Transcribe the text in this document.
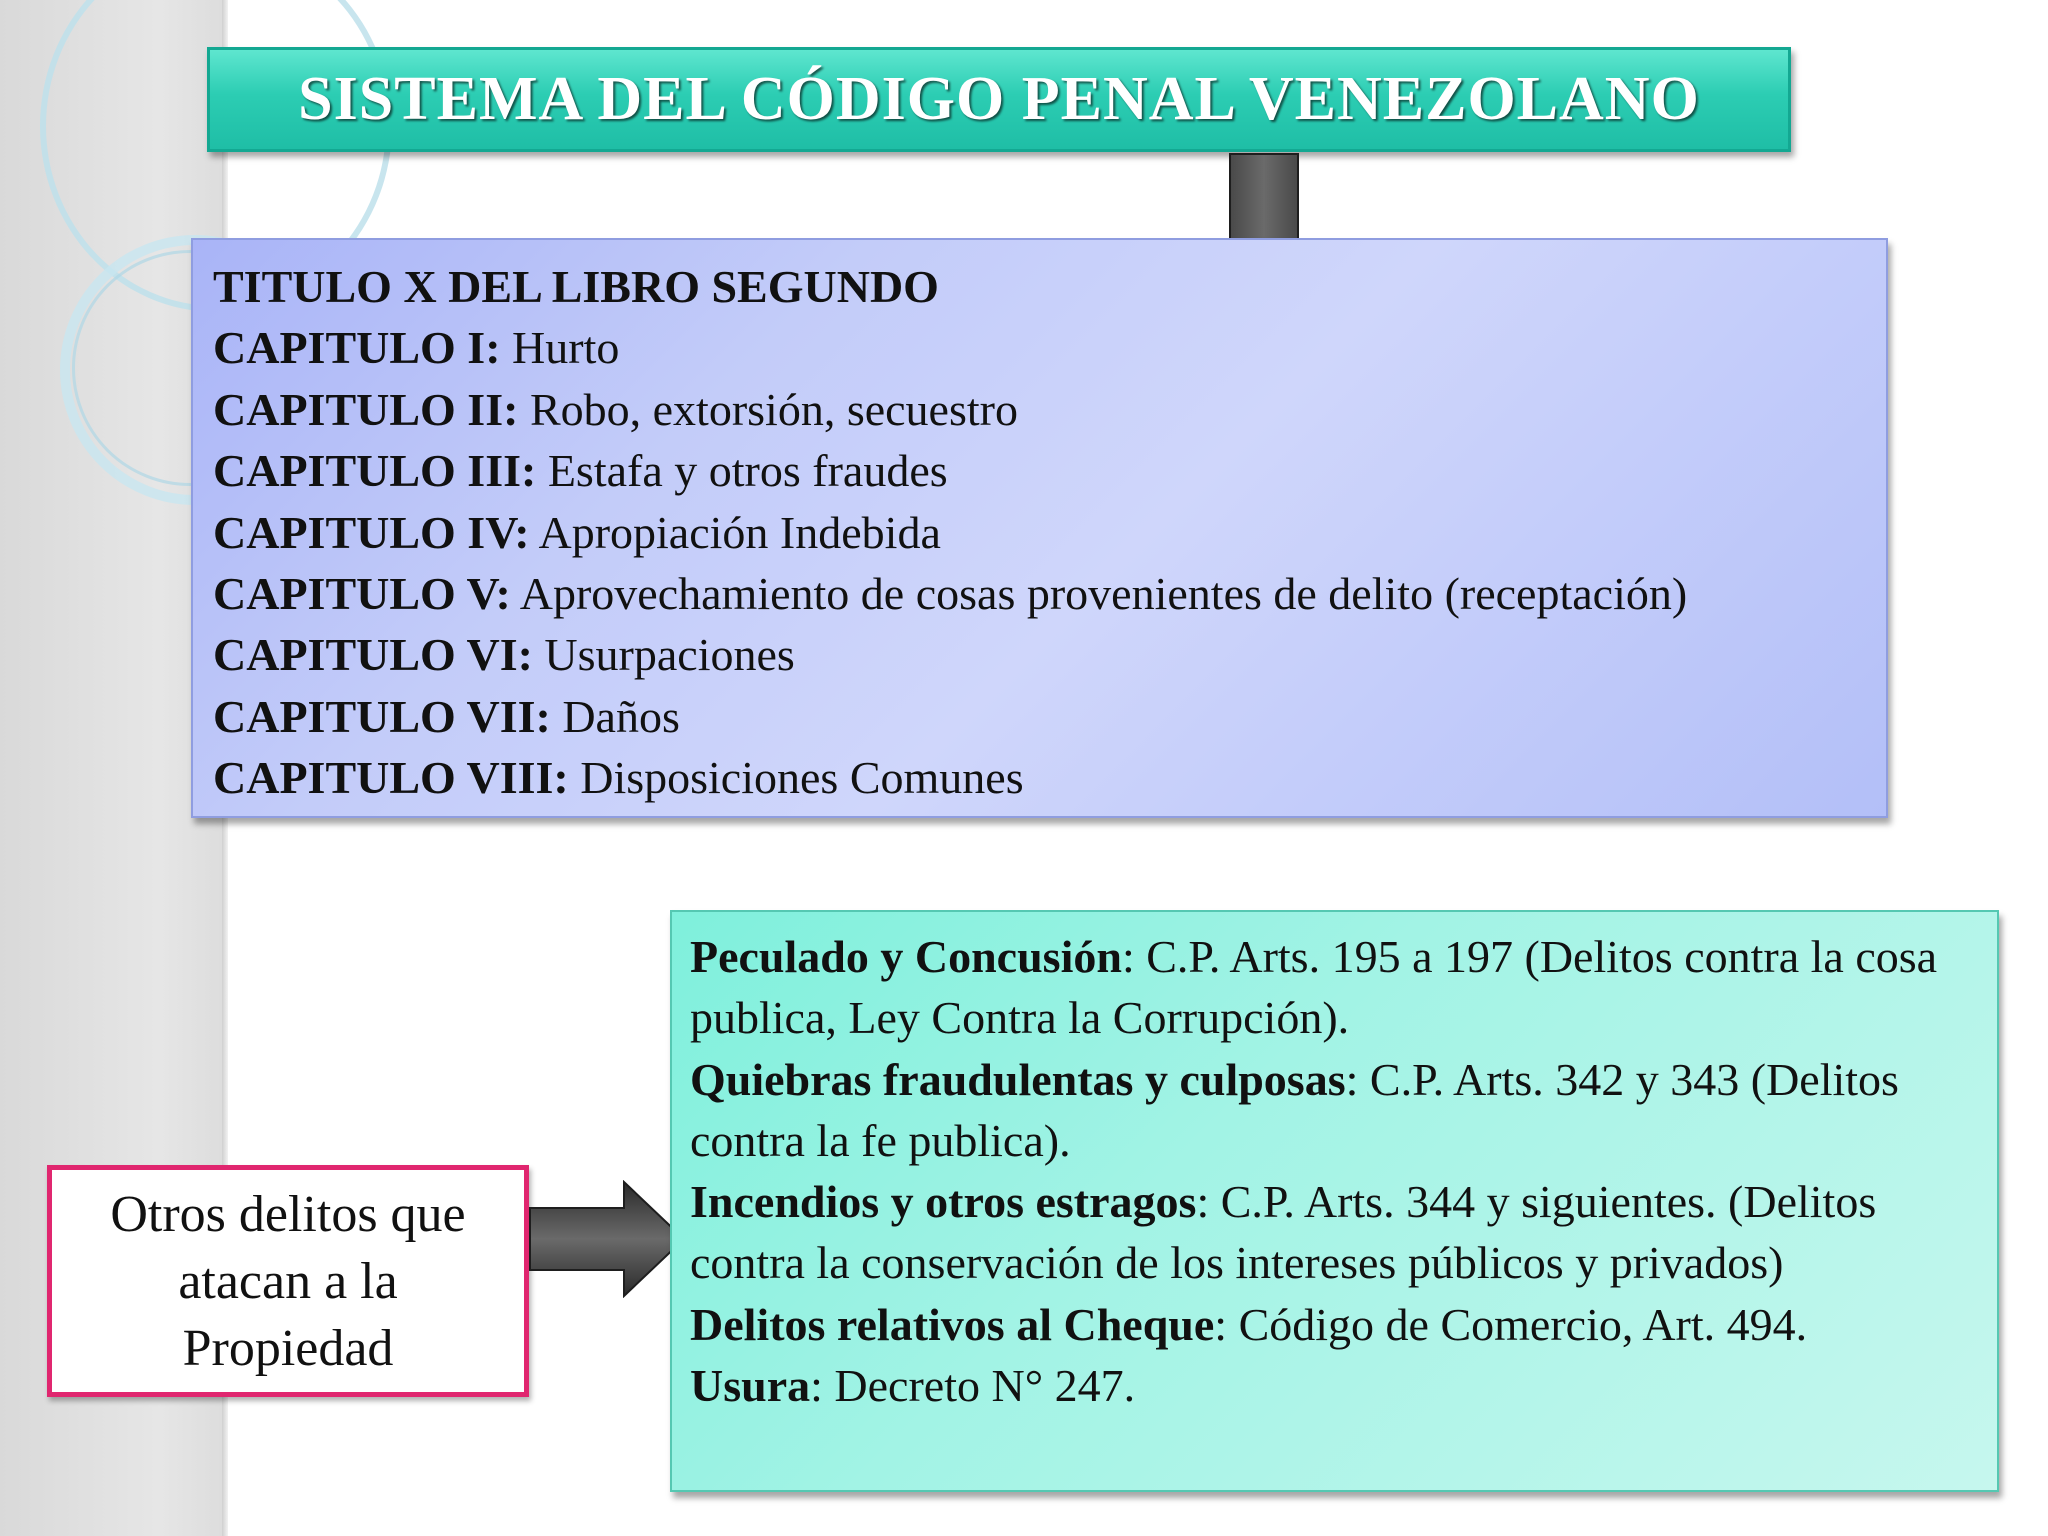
SISTEMA DEL CÓDIGO PENAL VENEZOLANO
TITULO X DEL LIBRO SEGUNDO
CAPITULO I: Hurto
CAPITULO II: Robo, extorsión, secuestro
CAPITULO III: Estafa y otros fraudes
CAPITULO IV: Apropiación Indebida
CAPITULO V: Aprovechamiento de cosas provenientes de delito (receptación)
CAPITULO VI: Usurpaciones
CAPITULO VII: Daños
CAPITULO VIII: Disposiciones Comunes
Otros delitos que atacan a la Propiedad
Peculado y Concusión: C.P. Arts. 195 a 197 (Delitos contra la cosa publica, Ley Contra la Corrupción).
Quiebras fraudulentas y culposas: C.P. Arts. 342 y 343 (Delitos contra la fe publica).
Incendios y otros estragos: C.P. Arts. 344 y siguientes. (Delitos contra la conservación de los intereses públicos y privados)
Delitos relativos al Cheque: Código de Comercio, Art. 494.
Usura: Decreto N° 247.
